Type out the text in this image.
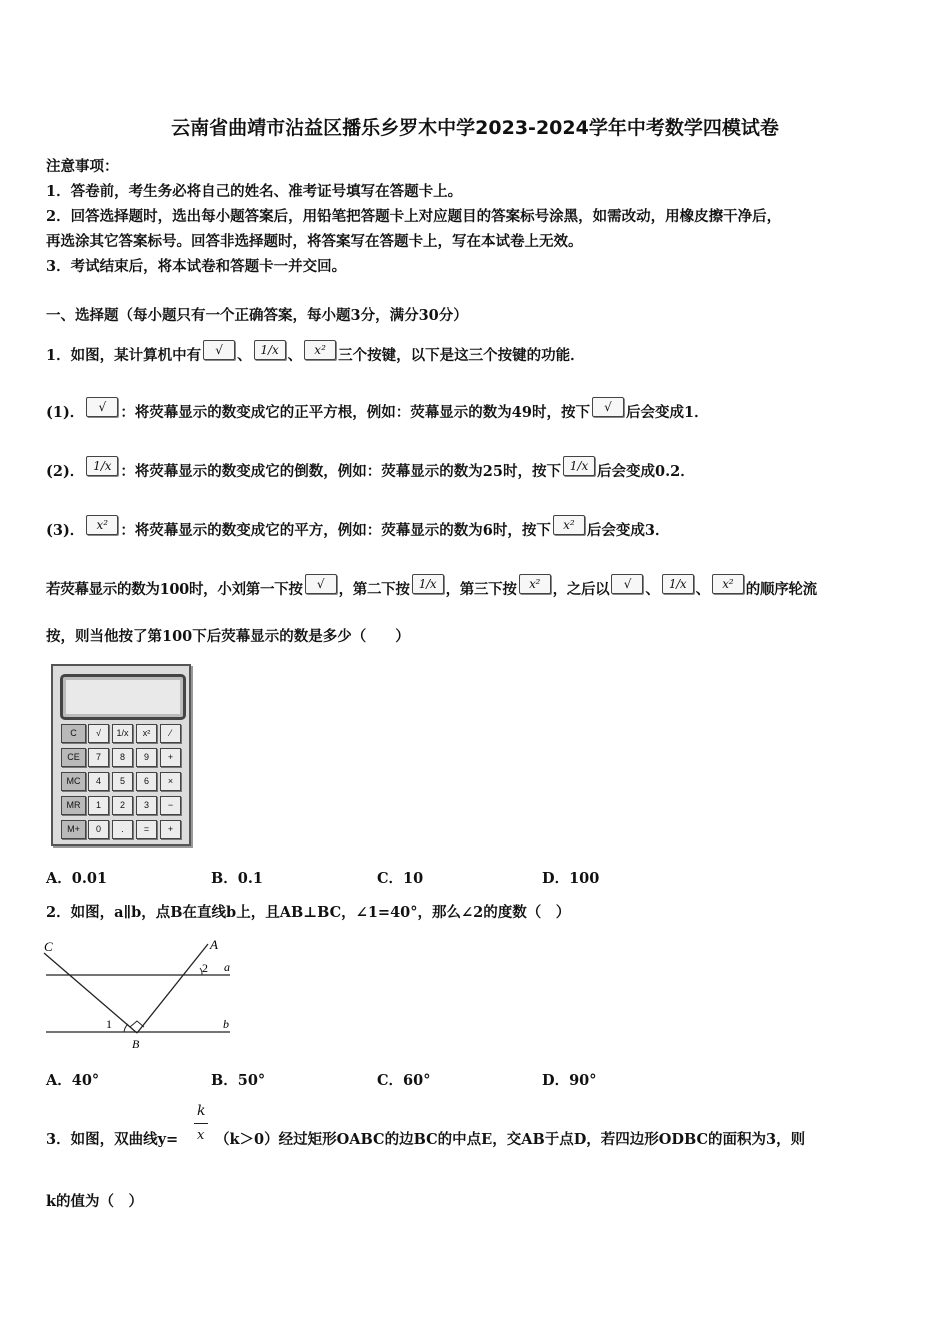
云南省曲靖市沾益区播乐乡罗木中学2023-2024学年中考数学四模试卷
注意事项：
1．答卷前，考生务必将自己的姓名、准考证号填写在答题卡上。
2．回答选择题时，选出每小题答案后，用铅笔把答题卡上对应题目的答案标号涂黑，如需改动，用橡皮擦干净后，
再选涂其它答案标号。回答非选择题时，将答案写在答题卡上，写在本试卷上无效。
3．考试结束后，将本试卷和答题卡一并交回。
一、选择题（每小题只有一个正确答案，每小题3分，满分30分）
1．如图，某计算机中有 √ 、 1/x 、 x² 三个按键，以下是这三个按键的功能．
(1)． √ ：将荧幕显示的数变成它的正平方根，例如：荧幕显示的数为49时，按下 √ 后会变成1．
(2)． 1/x ：将荧幕显示的数变成它的倒数，例如：荧幕显示的数为25时，按下 1/x 后会变成0.2．
(3)． x² ：将荧幕显示的数变成它的平方，例如：荧幕显示的数为6时，按下 x² 后会变成3．
若荧幕显示的数为100时，小刘第一下按 √ ，第二下按 1/x ，第三下按 x² ，之后以 √ 、 1/x 、 x² 的顺序轮流
按，则当他按了第100下后荧幕显示的数是多少（　　）
C	√	1/x	x²	⁄
CE	7	8	9	+
MC	4	5	6	×
MR	1	2	3	−
M+	0	.	=	+
A．0.01	B．0.1	C．10	D．100
2．如图，a∥b，点B在直线b上，且AB⊥BC，∠1=40°，那么∠2的度数（　）
C	A
2 a
1
B
b
A．40°	B．50°	C．60°	D．90°
k
x
3．如图，双曲线y=	（k＞0）经过矩形OABC的边BC的中点E，交AB于点D，若四边形ODBC的面积为3，则
k的值为（　）
